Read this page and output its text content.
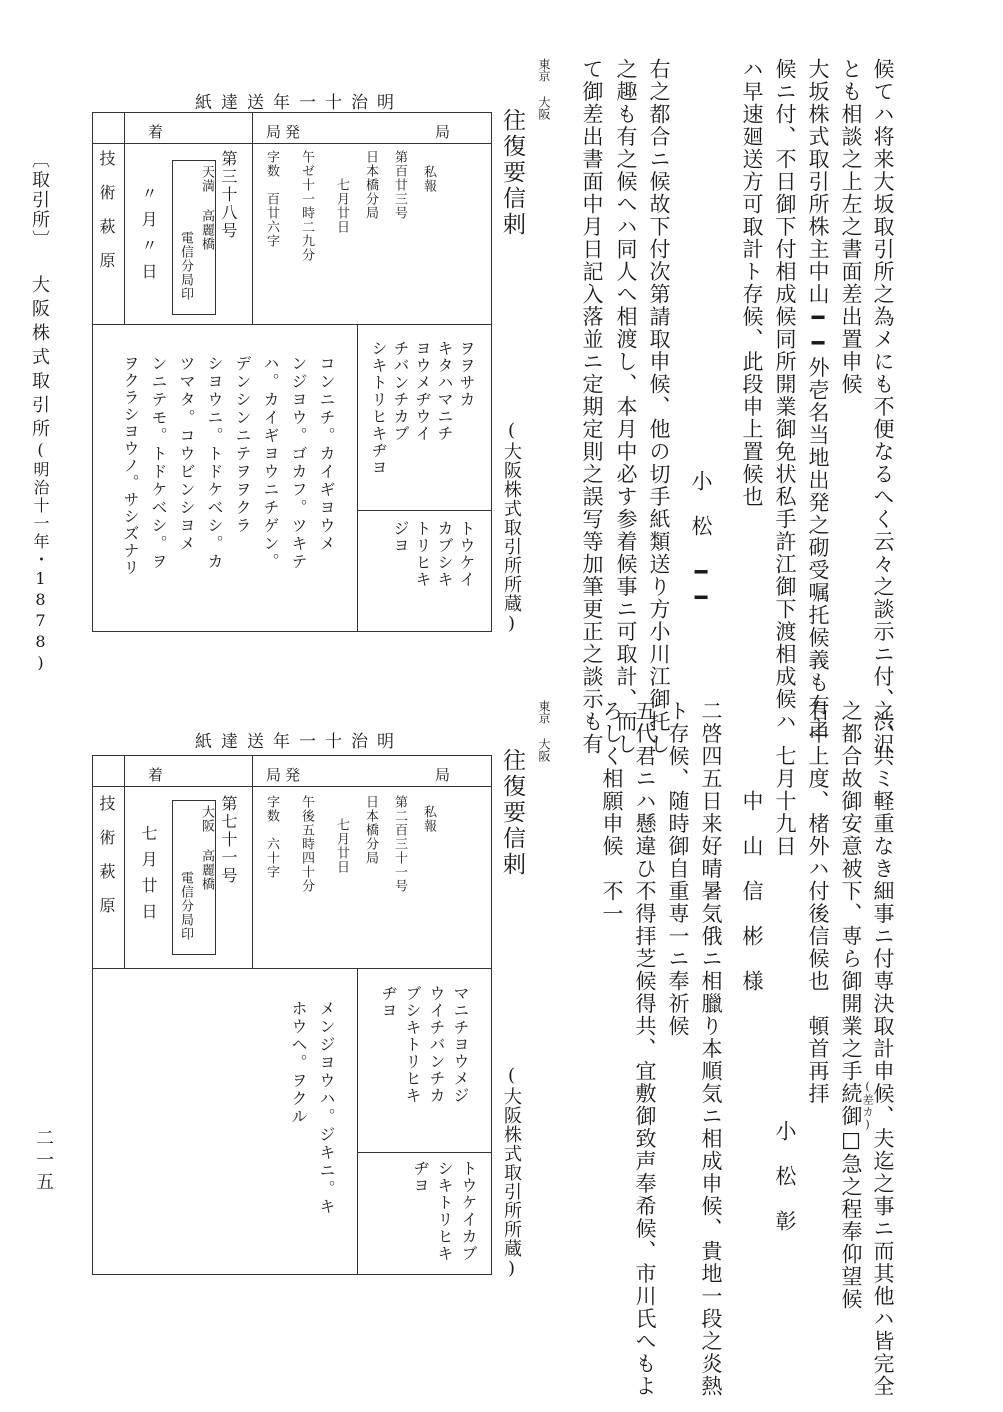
候てハ将来大坂取引所之為メにも不便なるへく云々之談示ニ付、渋沢
とも相談之上左之書面差出置申候
大坂株式取引所株主中山━━外壱名当地出発之砌受嘱托候義も有之
候ニ付、不日御下付相成候同所開業御免状私手許江御下渡相成候ハ
ハ早速廻送方可取計ト存候、此段申上置候也
小　松　━━
右之都合ニ候故下付次第請取申候、他の切手紙類送り方小川江御托し
之趣も有之候へハ同人へ相渡し、本月中必す参着候事ニ可取計、而し
て御差出書面中月日記入落並ニ定期定則之誤写等加筆更正之談示も有
之、共ミ軽重なき細事ニ付専決取計申候、夫迄之事ニ而其他ハ皆完全
(差カ)
之都合故御安意被下、専ら御開業之手続御□急之程奉仰望候
右申上度、楮外ハ付後信候也　頓首再拝
七月十九日
小　松　彰
中　山　信　彬　様
二啓四五日来好晴暑気俄ニ相臘り本順気ニ相成申候、貴地一段之炎熱
ト存候、随時御自重専一ニ奉祈候
五代君ニハ懸違ひ不得拝芝候得共、宜敷御致声奉希候、市川氏へもよ
ろしく相願申候　不一
東京 大阪
往復要信剌
(大阪株式取引所所蔵)
明治十一年送達紙
着　局
発　局
技術萩原	第三十八号
天満 高麗橋
電信分局印
〃月〃日
私報
第百廿三号
日本橋分局
七月廿日
午ゼ十一時二九分
字数　百廿六字
ヲヲサカ
キタハマニチ
ヨウメヂウイ
チバンチカブ
シキトリヒキヂヨ
トウケイ
カブシキ
トリヒキ
ジヨ
コンニチ。カイギヨウメ
ンジヨウ。ゴカフ。ツキテ
ハ。カイギヨウニチゲン。
デンシンニテヲヲクラ
シヨウニ。トドケベシ。カ
ツマタ。コウビンシヨメ
ンニテモ。トドケベシ。ヲ
ヲクラシヨウノ。サシズナリ
東京 大阪
往復要信剌
(大阪株式取引所所蔵)
明治十一年送達紙
着　局
発　局
技術萩原	第七十一号
大阪 高麗橋
電信分局印
七月廿日
私報
第二百三十一号
日本橋分局
七月廿日
午後五時四十分
字数　六十字
マニチヨウメジ
ウイチバンチカ
ブシキトリヒキ
ヂヨ
トウケイカブ
シキトリヒキ
ヂヨ
メンジヨウハ。ジキニ。キ
ホウヘ。ヲクル
〔取引所〕
大阪株式取引所
(明治十一年・1878)
二一五
